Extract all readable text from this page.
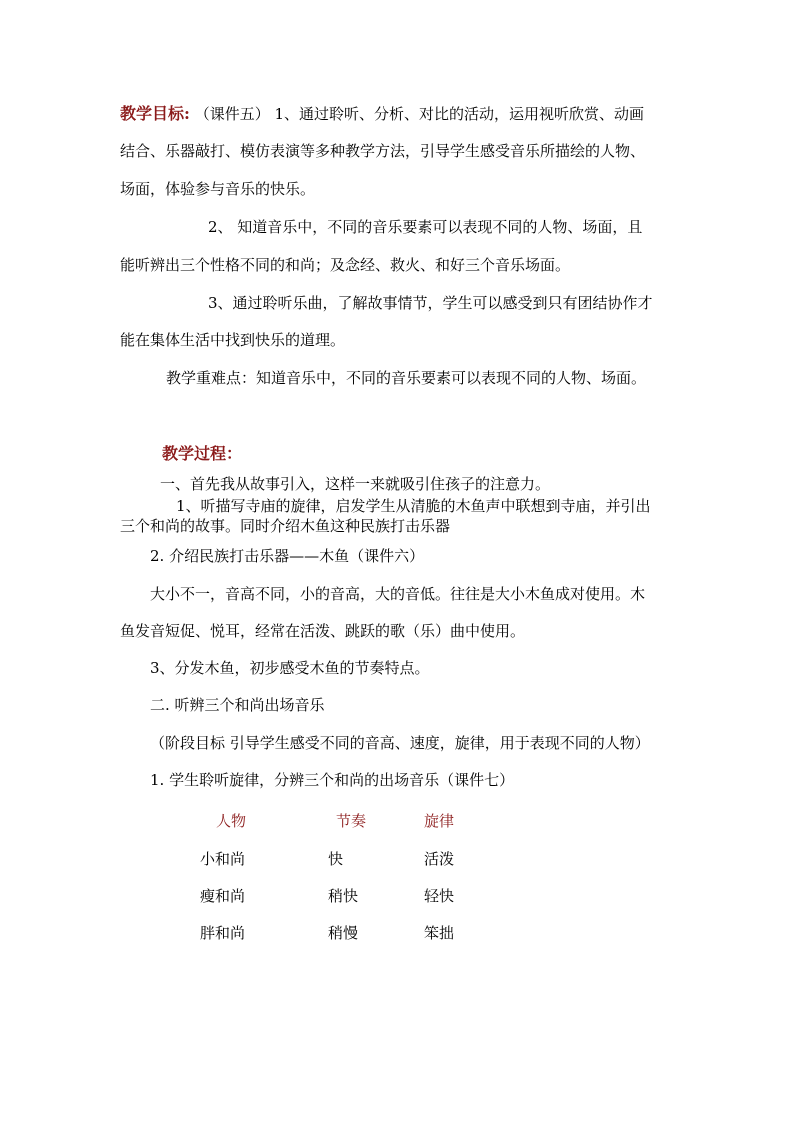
教学目标: （课件五） 1、通过聆听、分析、对比的活动，运用视听欣赏、动画
结合、乐器敲打、模仿表演等多种教学方法，引导学生感受音乐所描绘的人物、
场面，体验参与音乐的快乐。
2、 知道音乐中，不同的音乐要素可以表现不同的人物、场面，且
能听辨出三个性格不同的和尚；及念经、救火、和好三个音乐场面。
3、通过聆听乐曲，了解故事情节，学生可以感受到只有团结协作才
能在集体生活中找到快乐的道理。
教学重难点：知道音乐中，不同的音乐要素可以表现不同的人物、场面。
教学过程：
一、首先我从故事引入，这样一来就吸引住孩子的注意力。
1、听描写寺庙的旋律，启发学生从清脆的木鱼声中联想到寺庙，并引出
三个和尚的故事。同时介绍木鱼这种民族打击乐器
2. 介绍民族打击乐器——木鱼（课件六）
大小不一，音高不同，小的音高，大的音低。往往是大小木鱼成对使用。木
鱼发音短促、悦耳，经常在活泼、跳跃的歌（乐）曲中使用。
3、分发木鱼，初步感受木鱼的节奏特点。
二. 听辨三个和尚出场音乐
（阶段目标 引导学生感受不同的音高、速度，旋律，用于表现不同的人物）
1. 学生聆听旋律，分辨三个和尚的出场音乐（课件七）
人物	节奏	旋律
小和尚	快	活泼
瘦和尚	稍快	轻快
胖和尚	稍慢	笨拙
